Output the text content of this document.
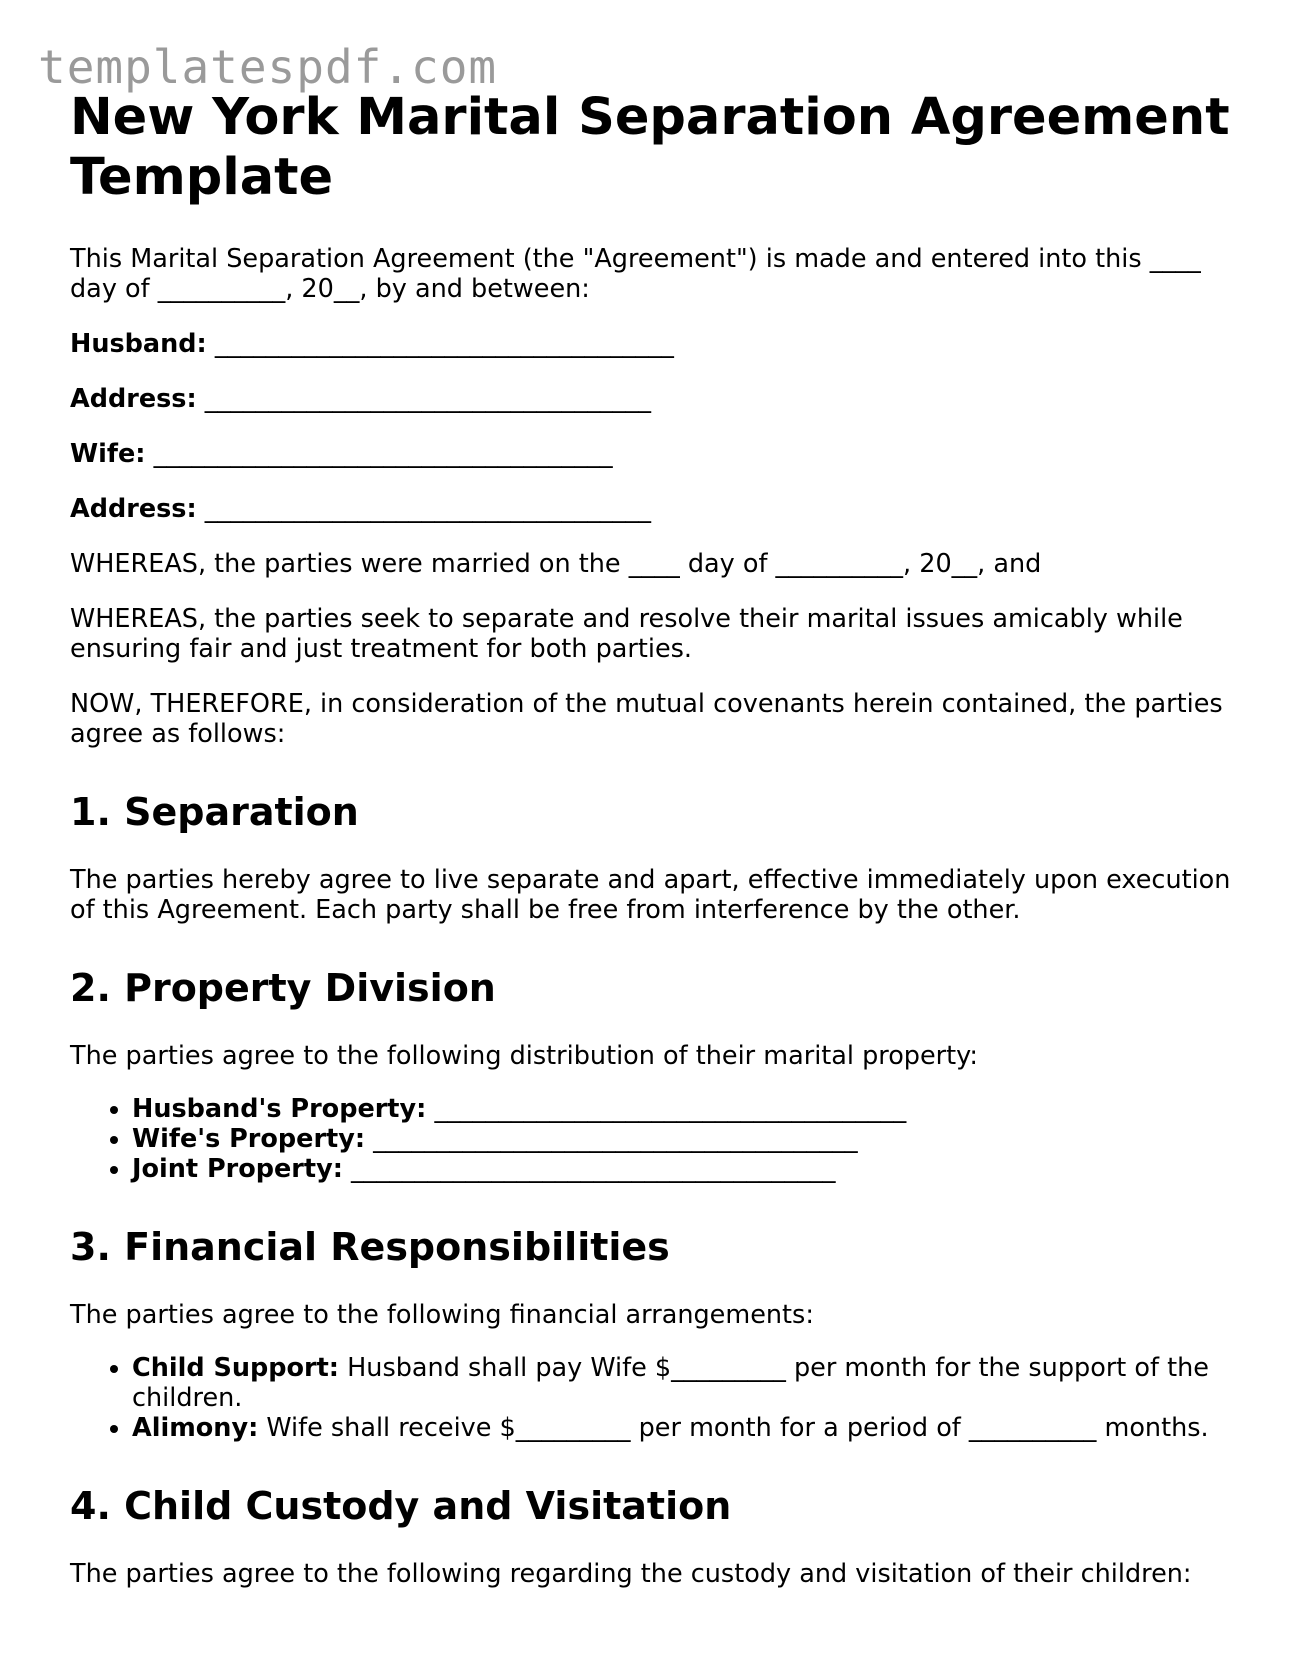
templatespdf.com
New York Marital Separation Agreement Template

This Marital Separation Agreement (the "Agreement") is made and entered into this ____ day of __________, 20__, by and between:

Husband: ____________________________________

Address: ___________________________________

Wife: ____________________________________

Address: ___________________________________

WHEREAS, the parties were married on the ____ day of __________, 20__, and

WHEREAS, the parties seek to separate and resolve their marital issues amicably while ensuring fair and just treatment for both parties.

NOW, THEREFORE, in consideration of the mutual covenants herein contained, the parties agree as follows:

1. Separation

The parties hereby agree to live separate and apart, effective immediately upon execution of this Agreement. Each party shall be free from interference by the other.

2. Property Division

The parties agree to the following distribution of their marital property:

• Husband's Property: _____________________________________
• Wife's Property: ______________________________________
• Joint Property: ______________________________________
3. Financial Responsibilities

The parties agree to the following financial arrangements:

• Child Support: Husband shall pay Wife $_________ per month for the support of the children.
• Alimony: Wife shall receive $_________ per month for a period of __________ months.
4. Child Custody and Visitation

The parties agree to the following regarding the custody and visitation of their children:
